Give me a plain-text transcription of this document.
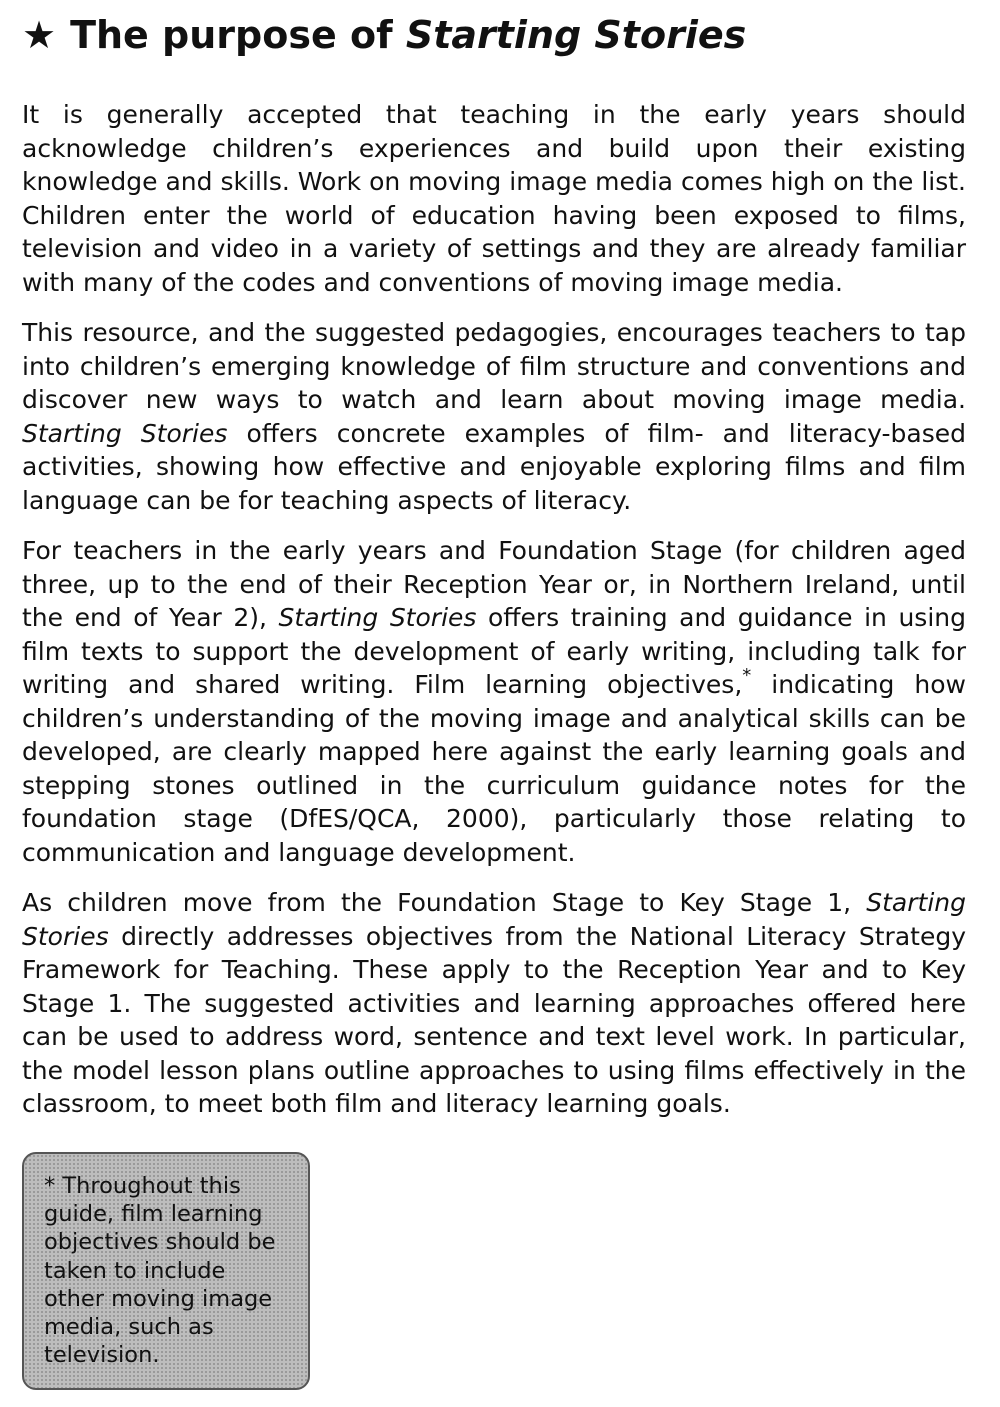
★ The purpose of Starting Stories

It is generally accepted that teaching in the early years should acknowledge children’s experiences and build upon their existing knowledge and skills. Work on moving image media comes high on the list. Children enter the world of education having been exposed to films, television and video in a variety of settings and they are already familiar with many of the codes and conventions of moving image media.

This resource, and the suggested pedagogies, encourages teachers to tap into children’s emerging knowledge of film structure and conventions and discover new ways to watch and learn about moving image media. Starting Stories offers concrete examples of film- and literacy-based activities, showing how effective and enjoyable exploring films and film language can be for teaching aspects of literacy.

For teachers in the early years and Foundation Stage (for children aged three, up to the end of their Reception Year or, in Northern Ireland, until the end of Year 2), Starting Stories offers training and guidance in using film texts to support the development of early writing, including talk for writing and shared writing. Film learning objectives,* indicating how children’s understanding of the moving image and analytical skills can be developed, are clearly mapped here against the early learning goals and stepping stones outlined in the curriculum guidance notes for the foundation stage (DfES/QCA, 2000), particularly those relating to communication and language development.

As children move from the Foundation Stage to Key Stage 1, Starting Stories directly addresses objectives from the National Literacy Strategy Framework for Teaching. These apply to the Reception Year and to Key Stage 1. The suggested activities and learning approaches offered here can be used to address word, sentence and text level work. In particular, the model lesson plans outline approaches to using films effectively in the classroom, to meet both film and literacy learning goals.

* Throughout this guide, film learning objectives should be taken to include other moving image media, such as television.
